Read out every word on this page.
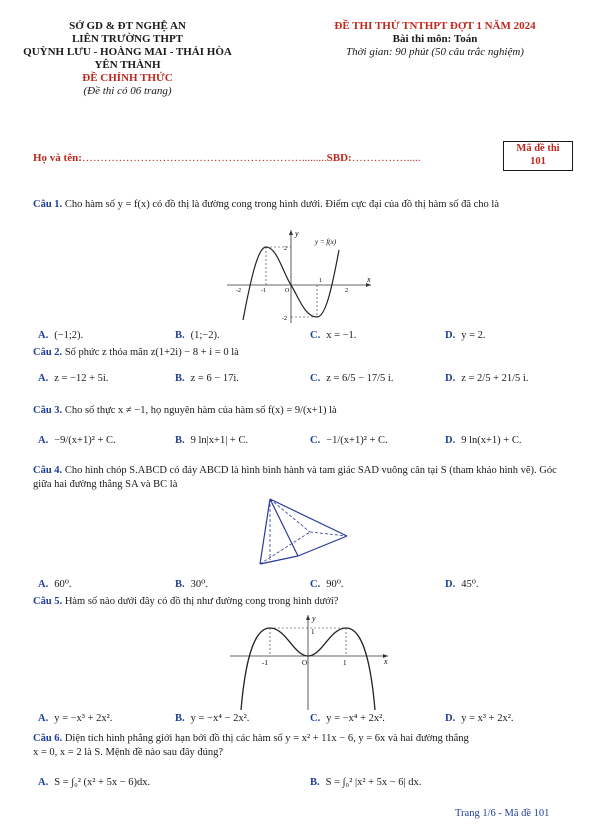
SỞ GD & ĐT NGHỆ AN
LIÊN TRƯỜNG THPT
QUỲNH LƯU - HOÀNG MAI - THÁI HÒA
YÊN THÀNH
ĐỀ CHÍNH THỨC
(Đề thi có 06 trang)
ĐỀ THI THỬ TNTHPT ĐỢT 1 NĂM 2024
Bài thi môn: Toán
Thời gian: 90 phút (50 câu trắc nghiệm)
Họ và tên:…………………………………………………….........SBD:…………….....
Mã đề thi
101
Câu 1. Cho hàm số y = f(x) có đồ thị là đường cong trong hình dưới. Điểm cực đại của đồ thị hàm số đã cho là
y
x
y = f(x)
-2	-1	O
1
2
2
-2
A. (−1;2).	B. (1;−2).	C. x = −1.	D. y = 2.
Câu 2. Số phức z thỏa mãn z(1+2i) − 8 + i = 0 là
A. z = −12 + 5i.	B. z = 6 − 17i.	C. z = 6/5 − 17/5 i.	D. z = 2/5 + 21/5 i.
Câu 3. Cho số thực x ≠ −1, họ nguyên hàm của hàm số f(x) = 9/(x+1) là
A. −9/(x+1)² + C.	B. 9 ln|x+1| + C.	C. −1/(x+1)² + C.	D. 9 ln(x+1) + C.
Câu 4. Cho hình chóp S.ABCD có đáy ABCD là hình bình hành và tam giác SAD vuông cân tại S (tham khảo hình vẽ). Góc giữa hai đường thẳng SA và BC là
A. 60⁰.	B. 30⁰.	C. 90⁰.	D. 45⁰.
Câu 5. Hàm số nào dưới đây có đồ thị như đường cong trong hình dưới?
y
x
-1	O	1
1
A. y = −x³ + 2x².	B. y = −x⁴ − 2x².	C. y = −x⁴ + 2x².	D. y = x³ + 2x².
Câu 6. Diện tích hình phẳng giới hạn bởi đồ thị các hàm số y = x² + 11x − 6, y = 6x và hai đường thẳng
x = 0, x = 2 là S. Mệnh đề nào sau đây đúng?
A. S = ∫₀² (x² + 5x − 6)dx.	B. S = ∫₀² |x² + 5x − 6| dx.
Trang 1/6 - Mã đề 101
